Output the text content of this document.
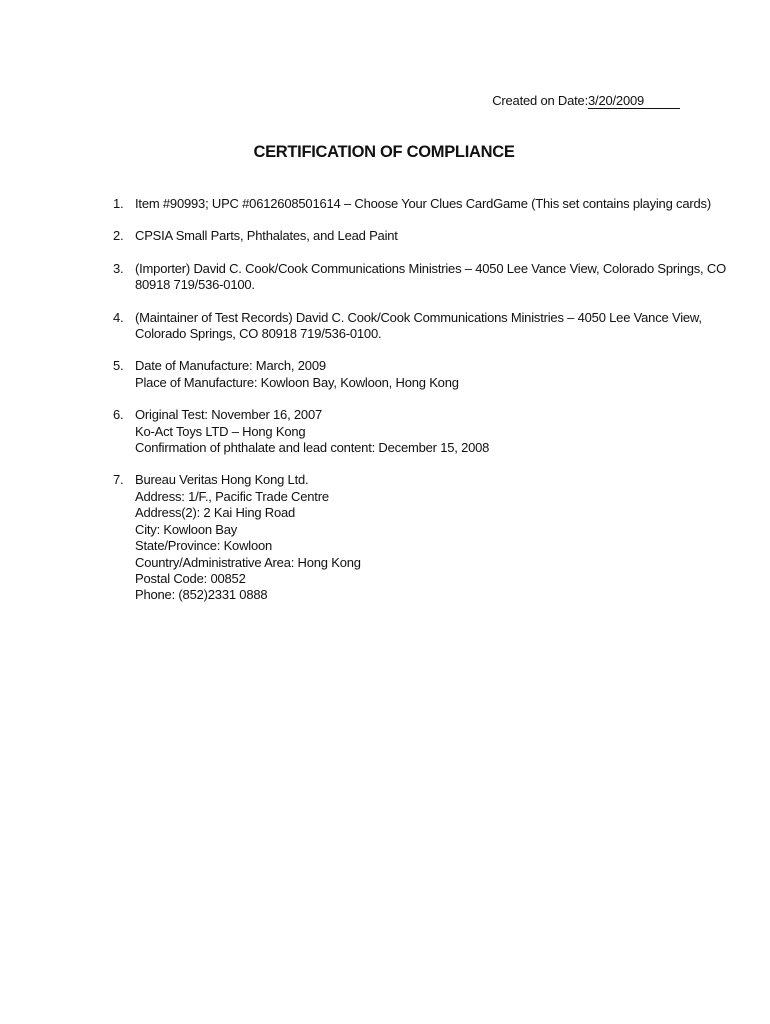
Created on Date:3/20/2009
CERTIFICATION OF COMPLIANCE
1. Item #90993; UPC #0612608501614 – Choose Your Clues CardGame (This set contains playing cards)
2. CPSIA Small Parts, Phthalates, and Lead Paint
3. (Importer) David C. Cook/Cook Communications Ministries – 4050 Lee Vance View, Colorado Springs, CO
80918 719/536-0100.
4. (Maintainer of Test Records) David C. Cook/Cook Communications Ministries – 4050 Lee Vance View,
Colorado Springs, CO 80918 719/536-0100.
5. Date of Manufacture: March, 2009
Place of Manufacture: Kowloon Bay, Kowloon, Hong Kong
6. Original Test: November 16, 2007
Ko-Act Toys LTD – Hong Kong
Confirmation of phthalate and lead content: December 15, 2008
7. Bureau Veritas Hong Kong Ltd.
Address: 1/F., Pacific Trade Centre
Address(2): 2 Kai Hing Road
City: Kowloon Bay
State/Province: Kowloon
Country/Administrative Area: Hong Kong
Postal Code: 00852
Phone: (852)2331 0888
